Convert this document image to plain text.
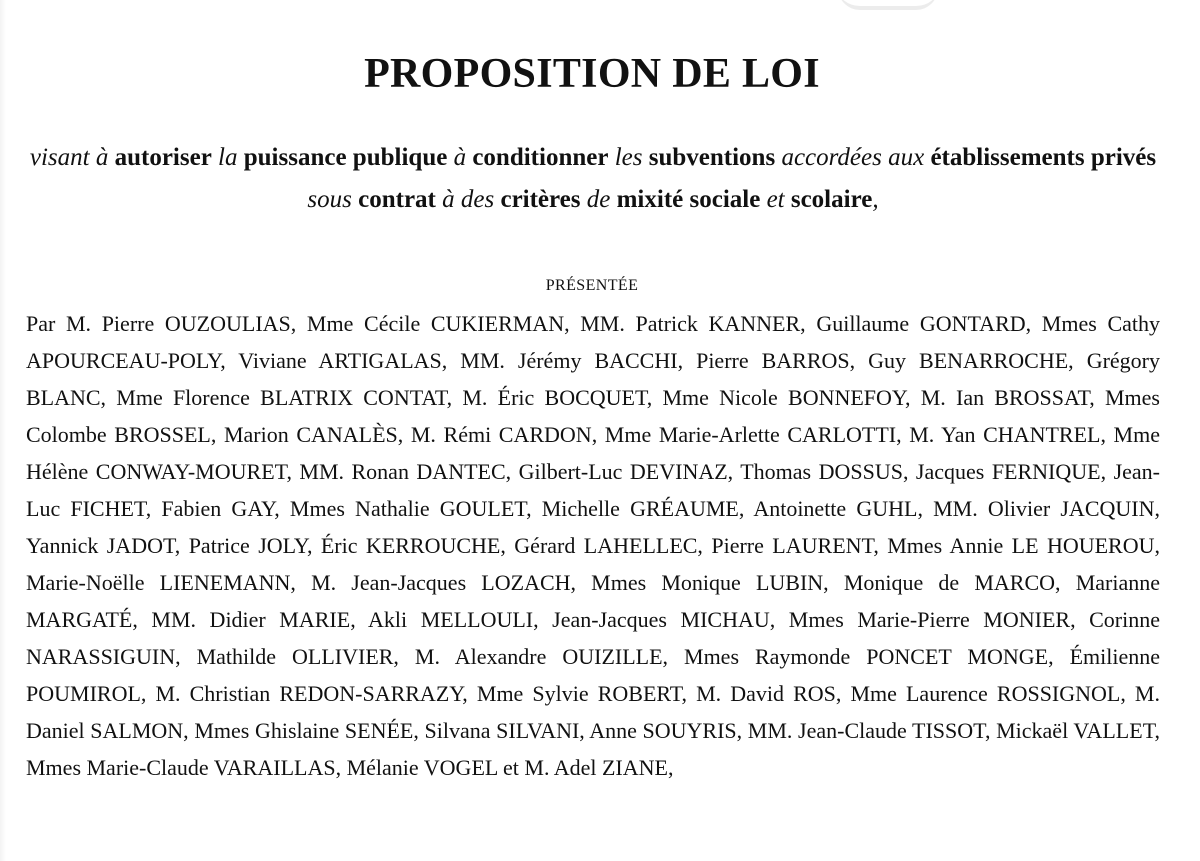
PROPOSITION DE LOI
visant à autoriser la puissance publique à conditionner les subventions accordées aux établissements privés sous contrat à des critères de mixité sociale et scolaire,
PRÉSENTÉE
Par M. Pierre OUZOULIAS, Mme Cécile CUKIERMAN, MM. Patrick KANNER, Guillaume GONTARD, Mmes Cathy APOURCEAU-POLY, Viviane ARTIGALAS, MM. Jérémy BACCHI, Pierre BARROS, Guy BENARROCHE, Grégory BLANC, Mme Florence BLATRIX CONTAT, M. Éric BOCQUET, Mme Nicole BONNEFOY, M. Ian BROSSAT, Mmes Colombe BROSSEL, Marion CANALÈS, M. Rémi CARDON, Mme Marie-Arlette CARLOTTI, M. Yan CHANTREL, Mme Hélène CONWAY-MOURET, MM. Ronan DANTEC, Gilbert-Luc DEVINAZ, Thomas DOSSUS, Jacques FERNIQUE, Jean-Luc FICHET, Fabien GAY, Mmes Nathalie GOULET, Michelle GRÉAUME, Antoinette GUHL, MM. Olivier JACQUIN, Yannick JADOT, Patrice JOLY, Éric KERROUCHE, Gérard LAHELLEC, Pierre LAURENT, Mmes Annie LE HOUEROU, Marie-Noëlle LIENEMANN, M. Jean-Jacques LOZACH, Mmes Monique LUBIN, Monique de MARCO, Marianne MARGATÉ, MM. Didier MARIE, Akli MELLOULI, Jean-Jacques MICHAU, Mmes Marie-Pierre MONIER, Corinne NARASSIGUIN, Mathilde OLLIVIER, M. Alexandre OUIZILLE, Mmes Raymonde PONCET MONGE, Émilienne POUMIROL, M. Christian REDON-SARRAZY, Mme Sylvie ROBERT, M. David ROS, Mme Laurence ROSSIGNOL, M. Daniel SALMON, Mmes Ghislaine SENÉE, Silvana SILVANI, Anne SOUYRIS, MM. Jean-Claude TISSOT, Mickaël VALLET, Mmes Marie-Claude VARAILLAS, Mélanie VOGEL et M. Adel ZIANE,
